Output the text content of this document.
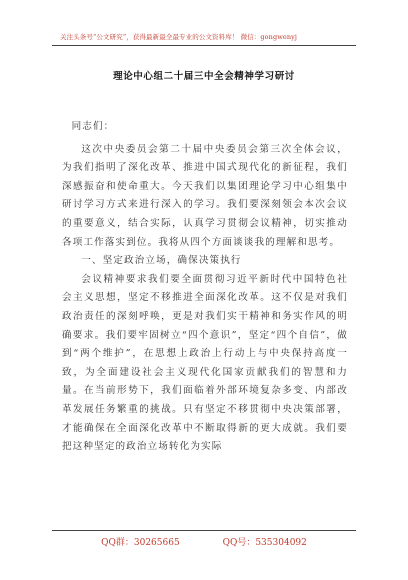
关注头条号“公文研究”，获得最新最全最专业的公文资料库！ 微信：gongwenyj
理论中心组二十届三中全会精神学习研讨

同志们：

这次中央委员会第二十届中央委员会第三次全体会议，为我们指明了深化改革、推进中国式现代化的新征程，我们深感振奋和使命重大。今天我们以集团理论学习中心组集中研讨学习方式来进行深入的学习。我们要深刻领会本次会议的重要意义，结合实际，认真学习贯彻会议精神，切实推动各项工作落实到位。我将从四个方面谈谈我的理解和思考。

一、坚定政治立场，确保决策执行

会议精神要求我们要全面贯彻习近平新时代中国特色社会主义思想，坚定不移推进全面深化改革。这不仅是对我们政治责任的深刻呼唤，更是对我们实干精神和务实作风的明确要求。我们要牢固树立“四个意识”，坚定“四个自信”，做到“两个维护”，在思想上政治上行动上与中央保持高度一致，为全面建设社会主义现代化国家贡献我们的智慧和力量。在当前形势下，我们面临着外部环境复杂多变、内部改革发展任务繁重的挑战。只有坚定不移贯彻中央决策部署，才能确保在全面深化改革中不断取得新的更大成就。我们要把这种坚定的政治立场转化为实际

QQ群：30265665	QQ号：535304092
